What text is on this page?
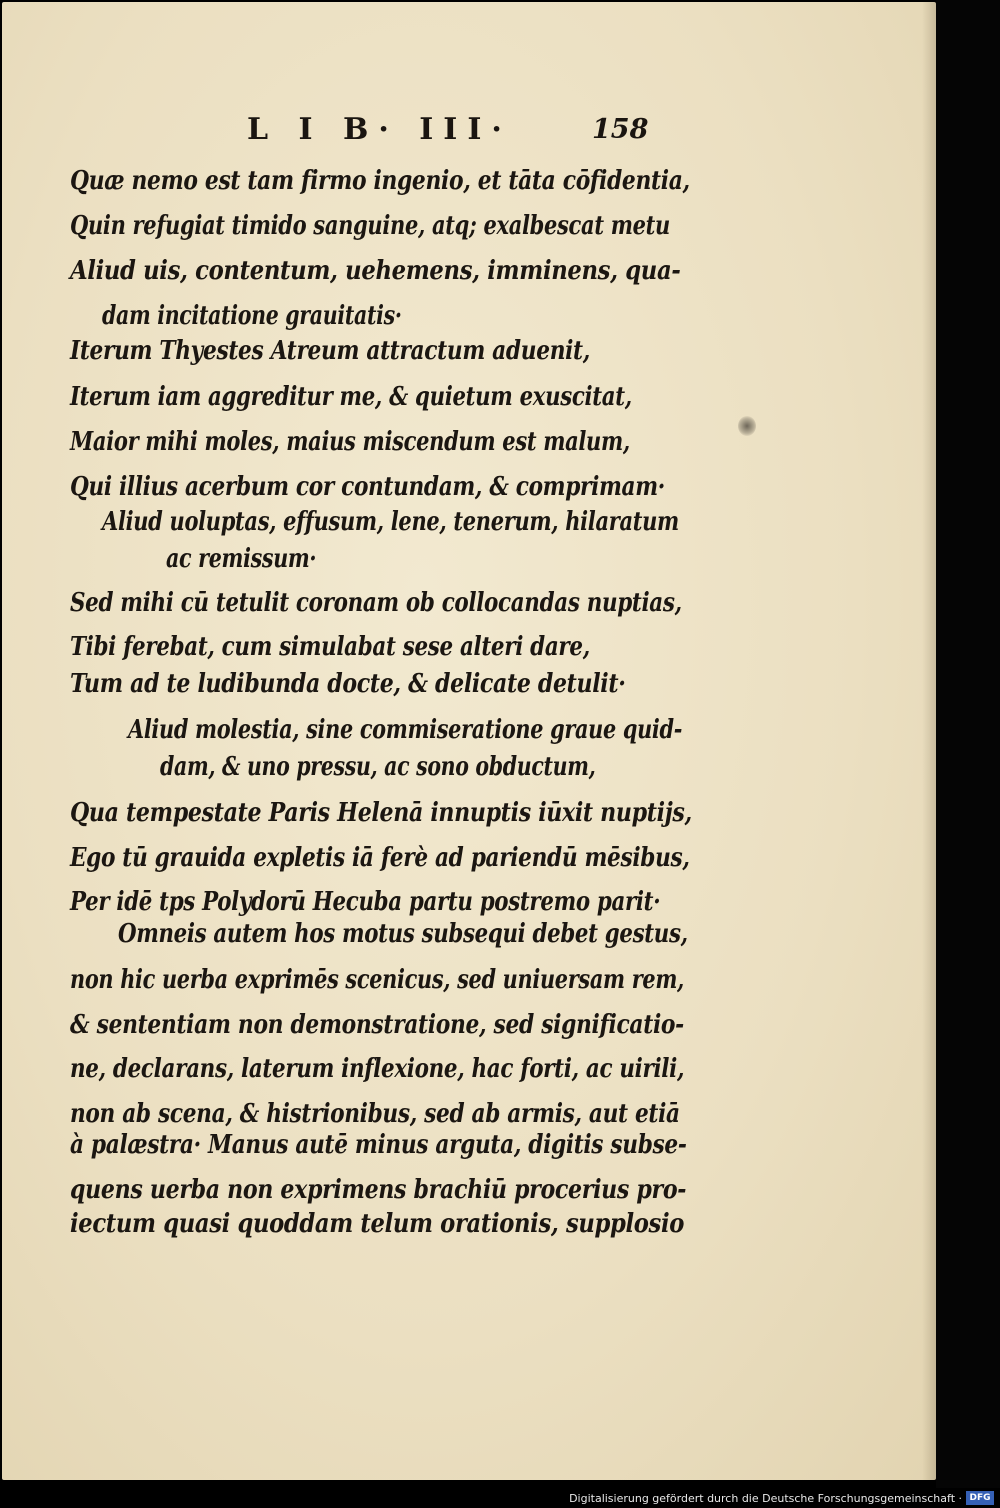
L I B· III·	158
Quæ nemo est tam firmo ingenio, et tāta cōfidentia,
Quin refugiat timido sanguine, atq; exalbescat metu
Aliud uis, contentum, uehemens, imminens, qua-
dam incitatione grauitatis·
Iterum Thyestes Atreum attractum aduenit,
Iterum iam aggreditur me, & quietum exuscitat,
Maior mihi moles, maius miscendum est malum,
Qui illius acerbum cor contundam, & comprimam·
Aliud uoluptas, effusum, lene, tenerum, hilaratum
ac remissum·
Sed mihi cū tetulit coronam ob collocandas nuptias,
Tibi ferebat, cum simulabat sese alteri dare,
Tum ad te ludibunda docte, & delicate detulit·
Aliud molestia, sine commiseratione graue quid-
dam, & uno pressu, ac sono obductum,
Qua tempestate Paris Helenā innuptis iūxit nuptijs,
Ego tū grauida expletis iā ferè ad pariendū mēsibus,
Per idē tps Polydorū Hecuba partu postremo parit·
Omneis autem hos motus subsequi debet gestus,
non hic uerba exprimēs scenicus, sed uniuersam rem,
& sententiam non demonstratione, sed significatio-
ne, declarans, laterum inflexione, hac forti, ac uirili,
non ab scena, & histrionibus, sed ab armis, aut etiā
à palæstra· Manus autē minus arguta, digitis subse-
quens uerba non exprimens brachiū procerius pro-
iectum quasi quoddam telum orationis, supplosio
Digitalisierung gefördert durch die Deutsche Forschungsgemeinschaft · DFG
